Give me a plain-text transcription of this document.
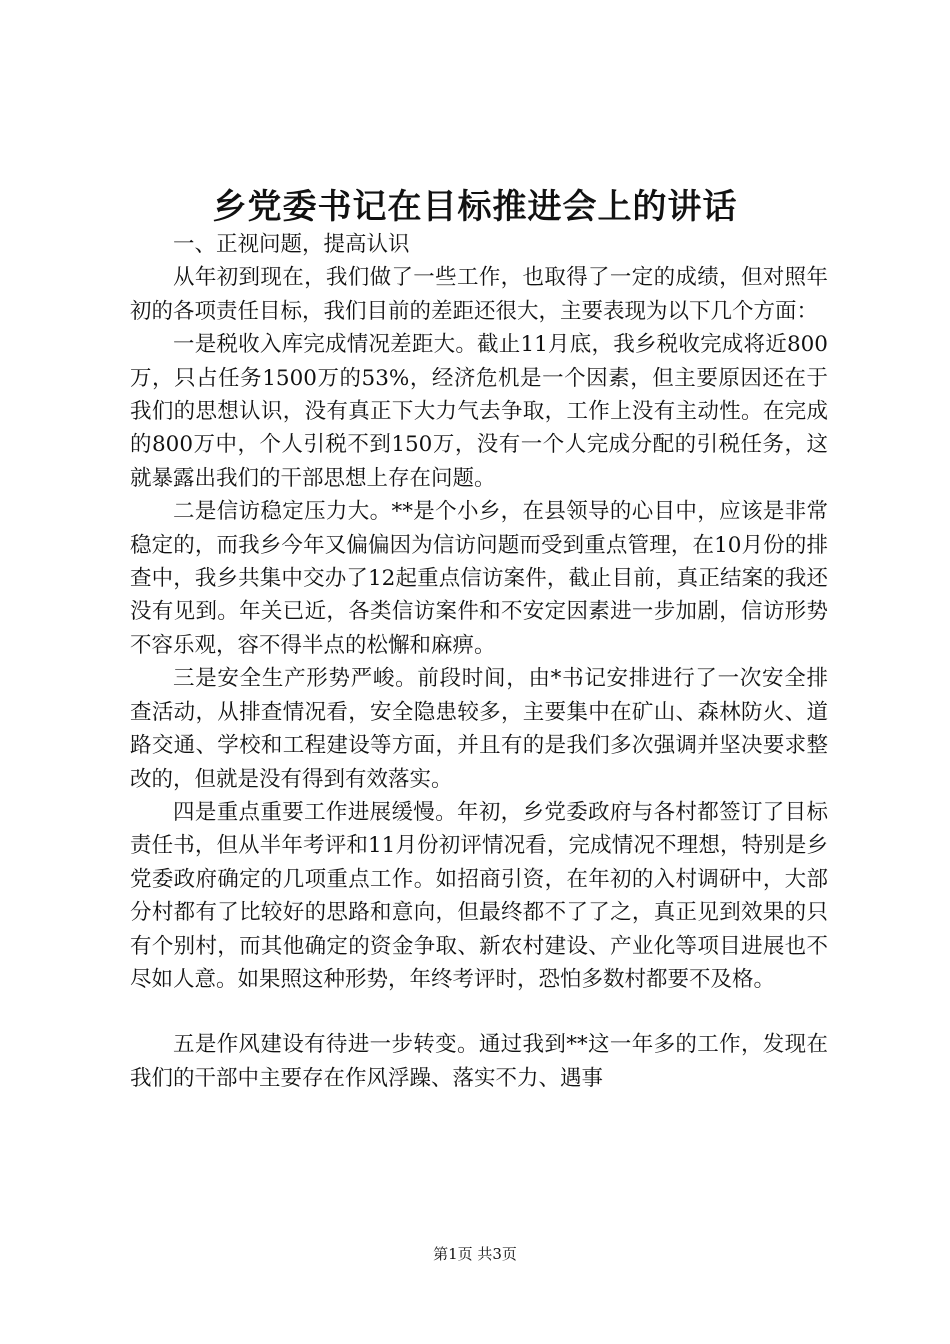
乡党委书记在目标推进会上的讲话

一、正视问题，提高认识

从年初到现在，我们做了一些工作，也取得了一定的成绩，但对照年初的各项责任目标，我们目前的差距还很大，主要表现为以下几个方面：

一是税收入库完成情况差距大。截止11月底，我乡税收完成将近800万，只占任务1500万的53%，经济危机是一个因素，但主要原因还在于我们的思想认识，没有真正下大力气去争取，工作上没有主动性。在完成的800万中，个人引税不到150万，没有一个人完成分配的引税任务，这就暴露出我们的干部思想上存在问题。

二是信访稳定压力大。**是个小乡，在县领导的心目中，应该是非常稳定的，而我乡今年又偏偏因为信访问题而受到重点管理，在10月份的排查中，我乡共集中交办了12起重点信访案件，截止目前，真正结案的我还没有见到。年关已近，各类信访案件和不安定因素进一步加剧，信访形势不容乐观，容不得半点的松懈和麻痹。

三是安全生产形势严峻。前段时间，由*书记安排进行了一次安全排查活动，从排查情况看，安全隐患较多，主要集中在矿山、森林防火、道路交通、学校和工程建设等方面，并且有的是我们多次强调并坚决要求整改的，但就是没有得到有效落实。

四是重点重要工作进展缓慢。年初，乡党委政府与各村都签订了目标责任书，但从半年考评和11月份初评情况看，完成情况不理想，特别是乡党委政府确定的几项重点工作。如招商引资，在年初的入村调研中，大部分村都有了比较好的思路和意向，但最终都不了了之，真正见到效果的只有个别村，而其他确定的资金争取、新农村建设、产业化等项目进展也不尽如人意。如果照这种形势，年终考评时，恐怕多数村都要不及格。

五是作风建设有待进一步转变。通过我到**这一年多的工作，发现在我们的干部中主要存在作风浮躁、落实不力、遇事

第1页 共3页
